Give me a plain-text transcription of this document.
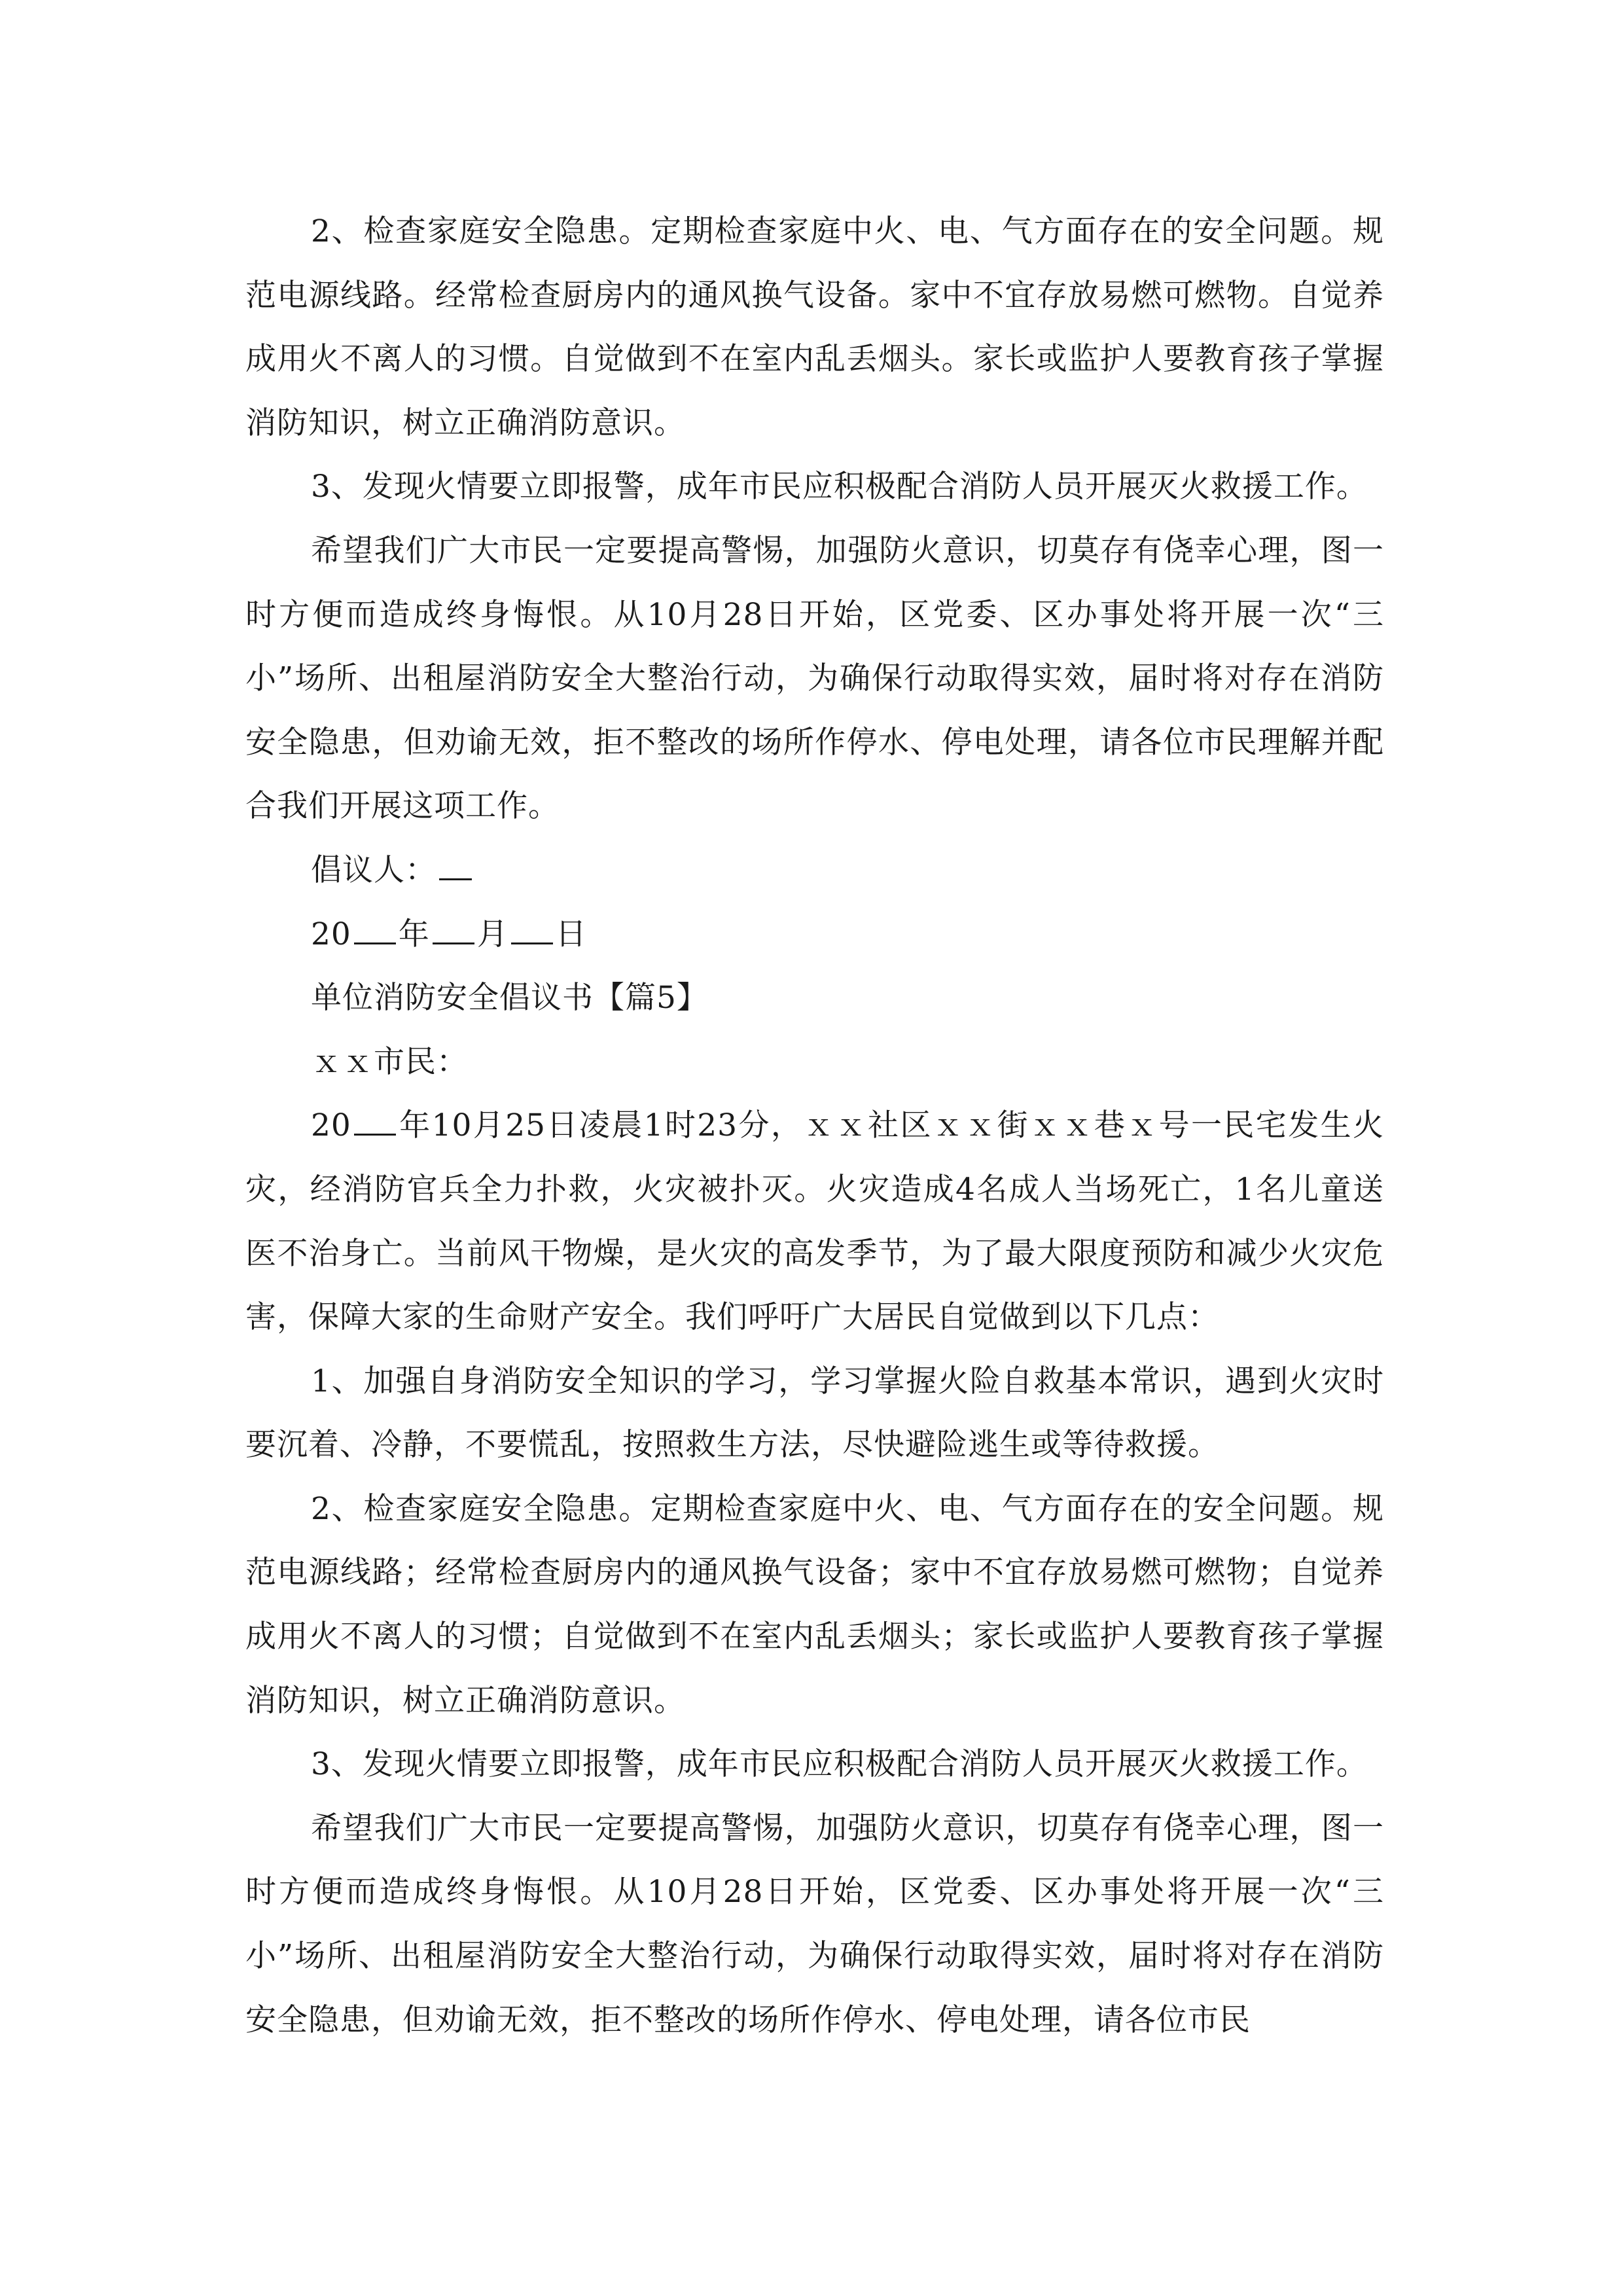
2、检查家庭安全隐患。定期检查家庭中火、电、气方面存在的安全问题。规范电源线路。经常检查厨房内的通风换气设备。家中不宜存放易燃可燃物。自觉养成用火不离人的习惯。自觉做到不在室内乱丢烟头。家长或监护人要教育孩子掌握消防知识，树立正确消防意识。

3、发现火情要立即报警，成年市民应积极配合消防人员开展灭火救援工作。

希望我们广大市民一定要提高警惕，加强防火意识，切莫存有侥幸心理，图一时方便而造成终身悔恨。从10月28日开始，区党委、区办事处将开展一次“三小”场所、出租屋消防安全大整治行动，为确保行动取得实效，届时将对存在消防安全隐患，但劝谕无效，拒不整改的场所作停水、停电处理，请各位市民理解并配合我们开展这项工作。

倡议人：

20 年 月 日

单位消防安全倡议书【篇5】

ｘｘ市民：

20 年10月25日凌晨1时23分，ｘｘ社区ｘｘ街ｘｘ巷ｘ号一民宅发生火灾，经消防官兵全力扑救，火灾被扑灭。火灾造成4名成人当场死亡，1名儿童送医不治身亡。当前风干物燥，是火灾的高发季节，为了最大限度预防和减少火灾危害，保障大家的生命财产安全。我们呼吁广大居民自觉做到以下几点：

1、加强自身消防安全知识的学习，学习掌握火险自救基本常识，遇到火灾时要沉着、冷静，不要慌乱，按照救生方法，尽快避险逃生或等待救援。

2、检查家庭安全隐患。定期检查家庭中火、电、气方面存在的安全问题。规范电源线路；经常检查厨房内的通风换气设备；家中不宜存放易燃可燃物；自觉养成用火不离人的习惯；自觉做到不在室内乱丢烟头；家长或监护人要教育孩子掌握消防知识，树立正确消防意识。

3、发现火情要立即报警，成年市民应积极配合消防人员开展灭火救援工作。

希望我们广大市民一定要提高警惕，加强防火意识，切莫存有侥幸心理，图一时方便而造成终身悔恨。从10月28日开始，区党委、区办事处将开展一次“三小”场所、出租屋消防安全大整治行动，为确保行动取得实效，届时将对存在消防安全隐患，但劝谕无效，拒不整改的场所作停水、停电处理，请各位市民
